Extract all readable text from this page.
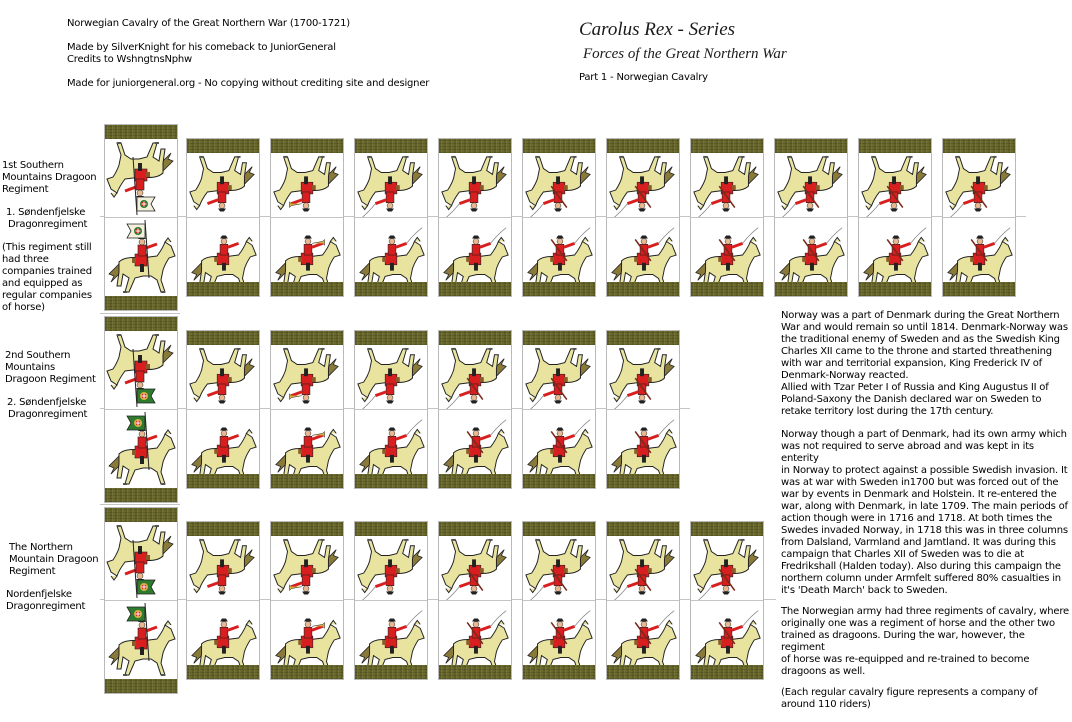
Norwegian Cavalry of the Great Northern War (1700-1721)
Made by SilverKnight for his comeback to JuniorGeneral
Credits to WshngtnsNphw
Made for juniorgeneral.org - No copying without crediting site and designer
Carolus Rex - Series
Forces of the Great Northern War
Part 1 - Norwegian Cavalry
1st Southern
Mountains Dragoon
Regiment
1. Søndenfjelske
Dragonregiment
(This regiment still
had three
companies trained
and equipped as
regular companies
of horse)
2nd Southern
Mountains
Dragoon Regiment
2. Søndenfjelske
Dragonregiment
The Northern
Mountain Dragoon
Regiment
Nordenfjelske
Dragonregiment

Norway was a part of Denmark during the Great Northern
War and would remain so until 1814. Denmark-Norway was
the traditional enemy of Sweden and as the Swedish King
Charles XII came to the throne and started threathening
with war and territorial expansion, King Frederick IV of
Denmark-Norway reacted.
Allied with Tzar Peter I of Russia and King Augustus II of
Poland-Saxony the Danish declared war on Sweden to
retake territory lost during the 17th century.

Norway though a part of Denmark, had its own army which
was not required to serve abroad and was kept in its enterity
in Norway to protect against a possible Swedish invasion. It
was at war with Sweden in1700 but was forced out of the
war by events in Denmark and Holstein. It re-entered the
war, along with Denmark, in late 1709. The main periods of
action though were in 1716 and 1718. At both times the
Swedes invaded Norway, in 1718 this was in three columns
from Dalsland, Varmland and Jamtland. It was during this
campaign that Charles XII of Sweden was to die at
Fredrikshall (Halden today). Also during this campaign the
northern column under Armfelt suffered 80% casualties in
it's 'Death March' back to Sweden.

The Norwegian army had three regiments of cavalry, where
originally one was a regiment of horse and the other two
trained as dragoons. During the war, however, the regiment
of horse was re-equipped and re-trained to become
dragoons as well.

(Each regular cavalry figure represents a company of
around 110 riders)
